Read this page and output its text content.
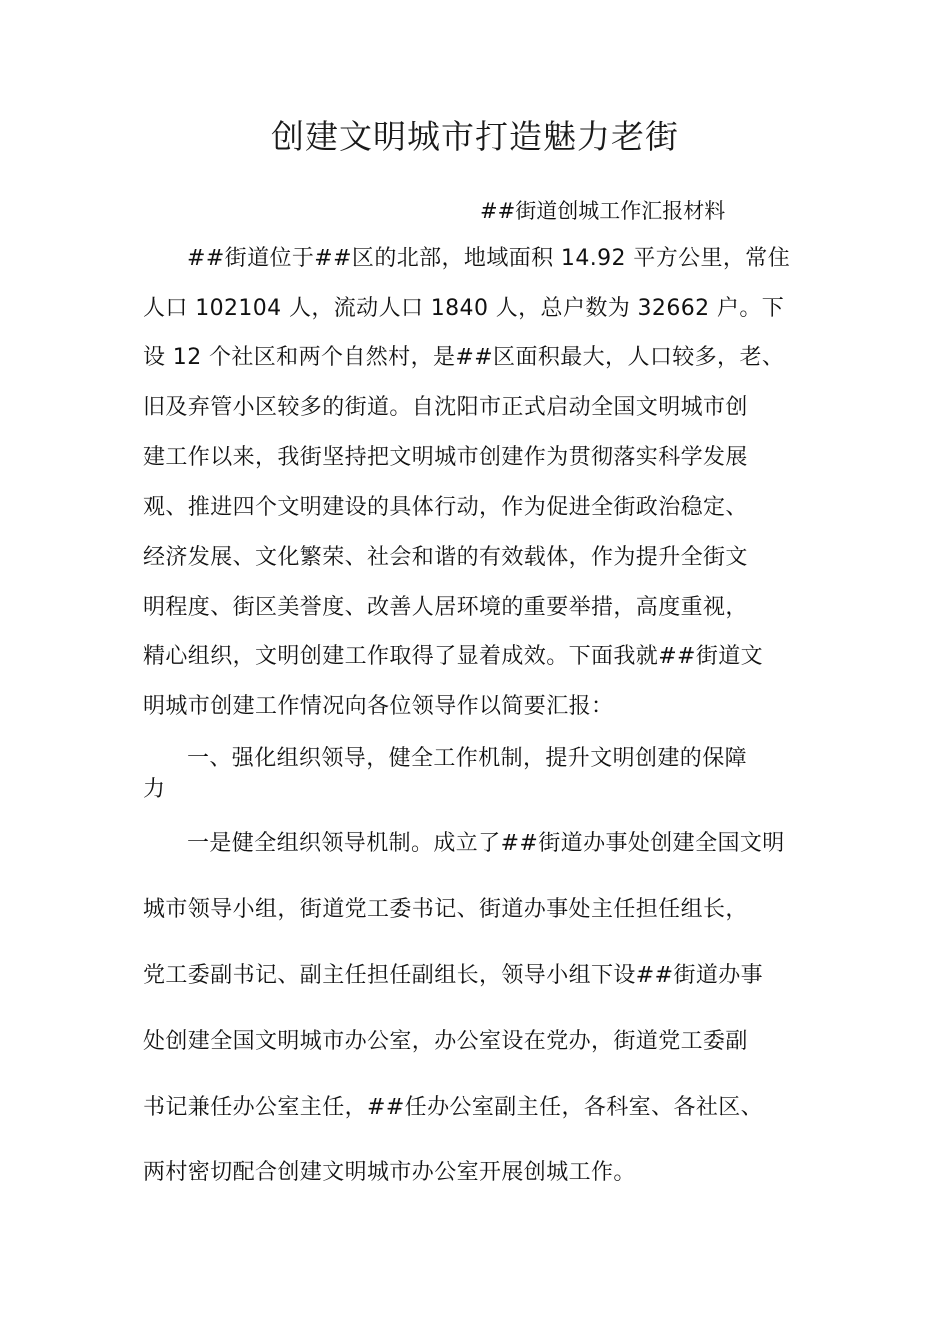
创建文明城市打造魅力老街
##街道创城工作汇报材料
##街道位于##区的北部，地域面积 14.92 平方公里，常住
人口 102104 人，流动人口 1840 人，总户数为 32662 户。下
设 12 个社区和两个自然村，是##区面积最大，人口较多，老、
旧及弃管小区较多的街道。自沈阳市正式启动全国文明城市创
建工作以来，我街坚持把文明城市创建作为贯彻落实科学发展
观、推进四个文明建设的具体行动，作为促进全街政治稳定、
经济发展、文化繁荣、社会和谐的有效载体，作为提升全街文
明程度、街区美誉度、改善人居环境的重要举措，高度重视，
精心组织，文明创建工作取得了显着成效。下面我就##街道文
明城市创建工作情况向各位领导作以简要汇报：
一、强化组织领导，健全工作机制，提升文明创建的保障
力
一是健全组织领导机制。成立了##街道办事处创建全国文明
城市领导小组，街道党工委书记、街道办事处主任担任组长，
党工委副书记、副主任担任副组长，领导小组下设##街道办事
处创建全国文明城市办公室，办公室设在党办，街道党工委副
书记兼任办公室主任，##任办公室副主任，各科室、各社区、
两村密切配合创建文明城市办公室开展创城工作。
